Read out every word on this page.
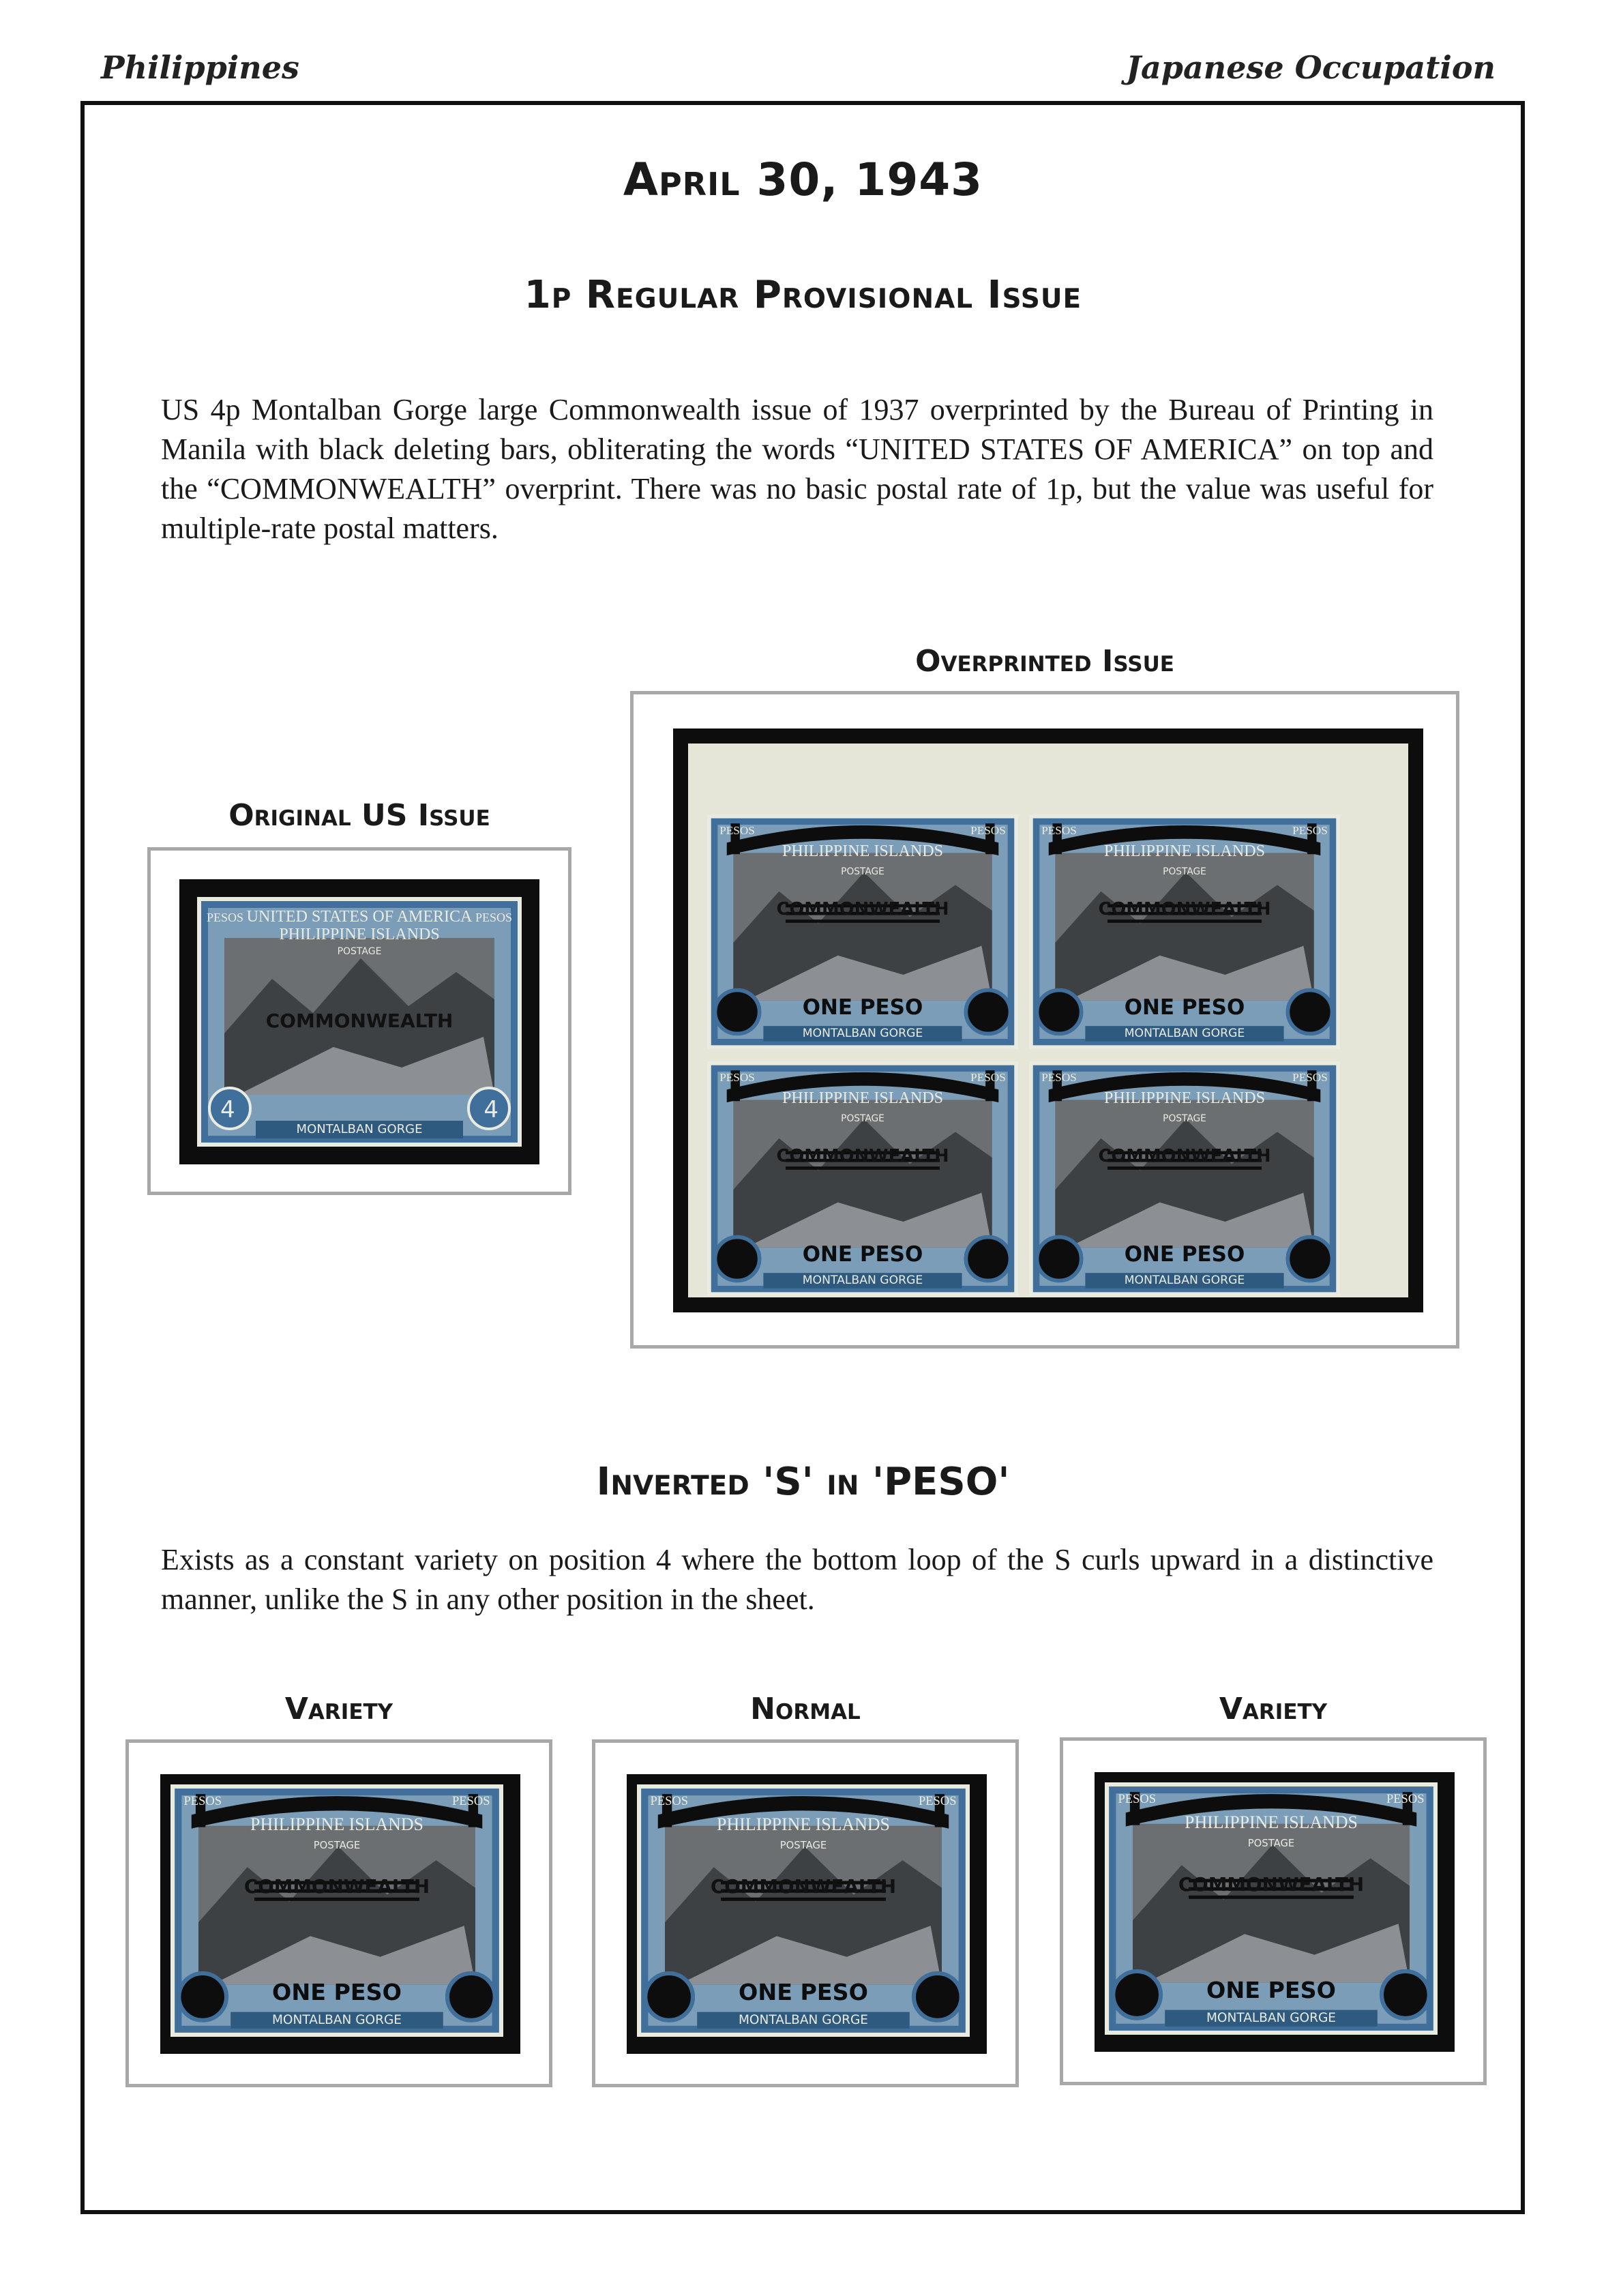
Philippines	Japanese Occupation
April 30, 1943
1p Regular Provisional Issue

US 4p Montalban Gorge large Commonwealth issue of 1937 overprinted by the Bureau of Printing in Manila with black deleting bars, obliterating the words “UNITED STATES OF AMERICA” on top and the “COMMONWEALTH” overprint. There was no basic postal rate of 1p, but the value was useful for multiple-rate postal matters.

Original US Issue
PESOS	PESOS
UNITED STATES OF AMERICA
PHILIPPINE ISLANDS
POSTAGE
COMMONWEALTH
4	4
MONTALBAN GORGE
Overprinted Issue
PESOS	PESOS
PHILIPPINE ISLANDS
POSTAGE
COMMONWEALTH
ONE PESO
MONTALBAN GORGE
PESOS	PESOS
PHILIPPINE ISLANDS
POSTAGE
COMMONWEALTH
ONE PESO
MONTALBAN GORGE
PESOS	PESOS
PHILIPPINE ISLANDS
POSTAGE
COMMONWEALTH
ONE PESO
MONTALBAN GORGE
PESOS	PESOS
PHILIPPINE ISLANDS
POSTAGE
COMMONWEALTH
ONE PESO
MONTALBAN GORGE
Inverted 'S' in 'PESO'

Exists as a constant variety on position 4 where the bottom loop of the S curls upward in a distinctive manner, unlike the S in any other position in the sheet.

Variety	Normal	Variety
PESOS	PESOS
PHILIPPINE ISLANDS
POSTAGE
COMMONWEALTH
ONE PESO
MONTALBAN GORGE
PESOS	PESOS
PHILIPPINE ISLANDS
POSTAGE
COMMONWEALTH
ONE PESO
MONTALBAN GORGE
PESOS	PESOS
PHILIPPINE ISLANDS
POSTAGE
COMMONWEALTH
ONE PESO
MONTALBAN GORGE
